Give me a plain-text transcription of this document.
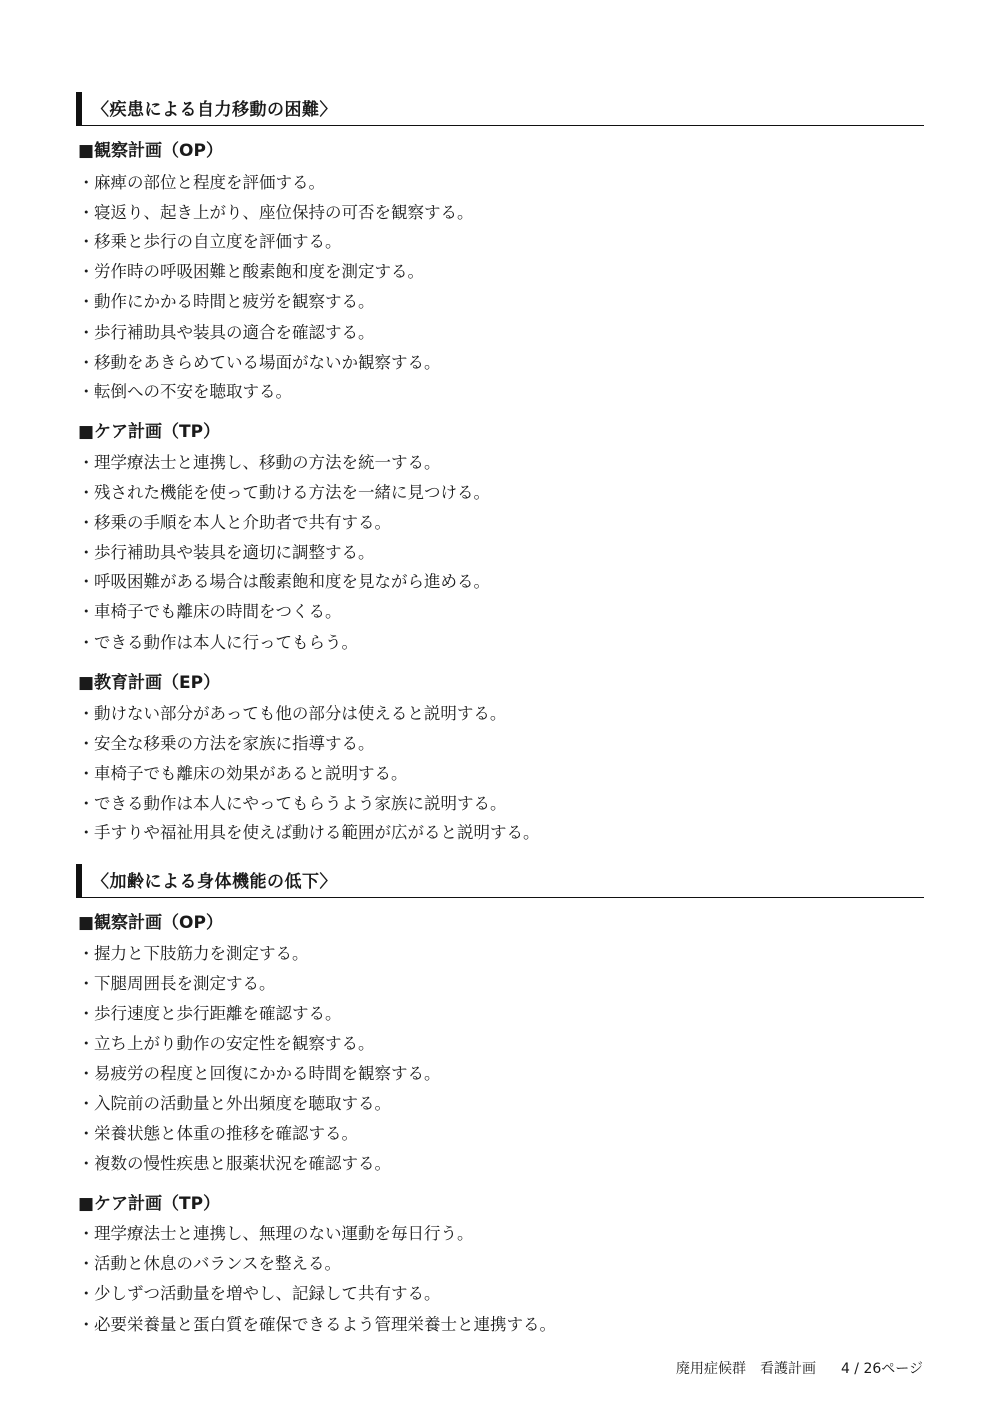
〈疾患による自力移動の困難〉
■観察計画（OP）
・麻痺の部位と程度を評価する。
・寝返り、起き上がり、座位保持の可否を観察する。
・移乗と歩行の自立度を評価する。
・労作時の呼吸困難と酸素飽和度を測定する。
・動作にかかる時間と疲労を観察する。
・歩行補助具や装具の適合を確認する。
・移動をあきらめている場面がないか観察する。
・転倒への不安を聴取する。
■ケア計画（TP）
・理学療法士と連携し、移動の方法を統一する。
・残された機能を使って動ける方法を一緒に見つける。
・移乗の手順を本人と介助者で共有する。
・歩行補助具や装具を適切に調整する。
・呼吸困難がある場合は酸素飽和度を見ながら進める。
・車椅子でも離床の時間をつくる。
・できる動作は本人に行ってもらう。
■教育計画（EP）
・動けない部分があっても他の部分は使えると説明する。
・安全な移乗の方法を家族に指導する。
・車椅子でも離床の効果があると説明する。
・できる動作は本人にやってもらうよう家族に説明する。
・手すりや福祉用具を使えば動ける範囲が広がると説明する。
〈加齢による身体機能の低下〉
■観察計画（OP）
・握力と下肢筋力を測定する。
・下腿周囲長を測定する。
・歩行速度と歩行距離を確認する。
・立ち上がり動作の安定性を観察する。
・易疲労の程度と回復にかかる時間を観察する。
・入院前の活動量と外出頻度を聴取する。
・栄養状態と体重の推移を確認する。
・複数の慢性疾患と服薬状況を確認する。
■ケア計画（TP）
・理学療法士と連携し、無理のない運動を毎日行う。
・活動と休息のバランスを整える。
・少しずつ活動量を増やし、記録して共有する。
・必要栄養量と蛋白質を確保できるよう管理栄養士と連携する。
廃用症候群　看護計画 4 / 26ページ
